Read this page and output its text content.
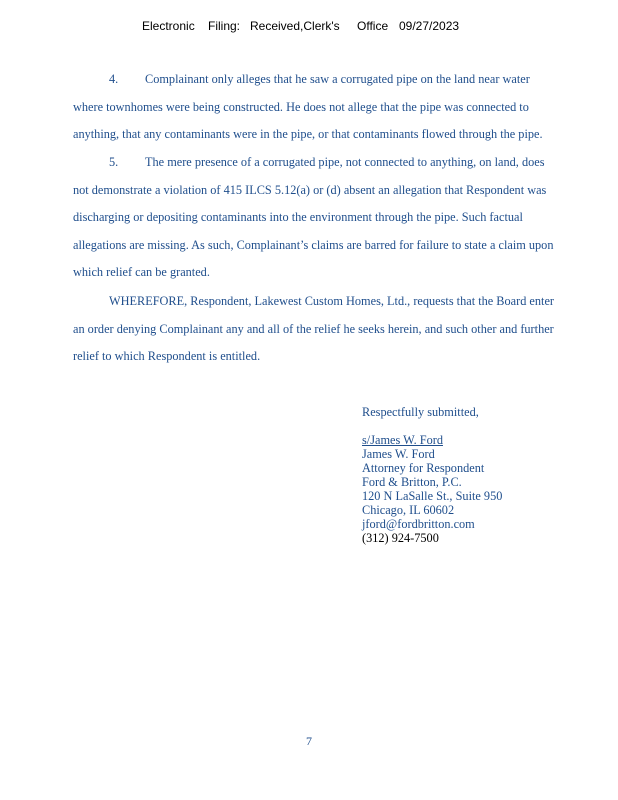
Electronic

Filing:

Received,Clerk's

Office

09/27/2023

4. Complainant only alleges that he saw a corrugated pipe on the land near water
where townhomes were being constructed. He does not allege that the pipe was connected to
anything, that any contaminants were in the pipe, or that contaminants flowed through the pipe.
5. The mere presence of a corrugated pipe, not connected to anything, on land, does
not demonstrate a violation of 415 ILCS 5.12(a) or (d) absent an allegation that Respondent was
discharging or depositing contaminants into the environment through the pipe. Such factual
allegations are missing. As such, Complainant’s claims are barred for failure to state a claim upon
which relief can be granted.
WHEREFORE, Respondent, Lakewest Custom Homes, Ltd., requests that the Board enter
an order denying Complainant any and all of the relief he seeks herein, and such other and further
relief to which Respondent is entitled.
Respectfully submitted,
s/James W. Ford
James W. Ford
Attorney for Respondent
Ford & Britton, P.C.
120 N LaSalle St., Suite 950
Chicago, IL 60602
jford@fordbritton.com
(312) 924-7500
7
